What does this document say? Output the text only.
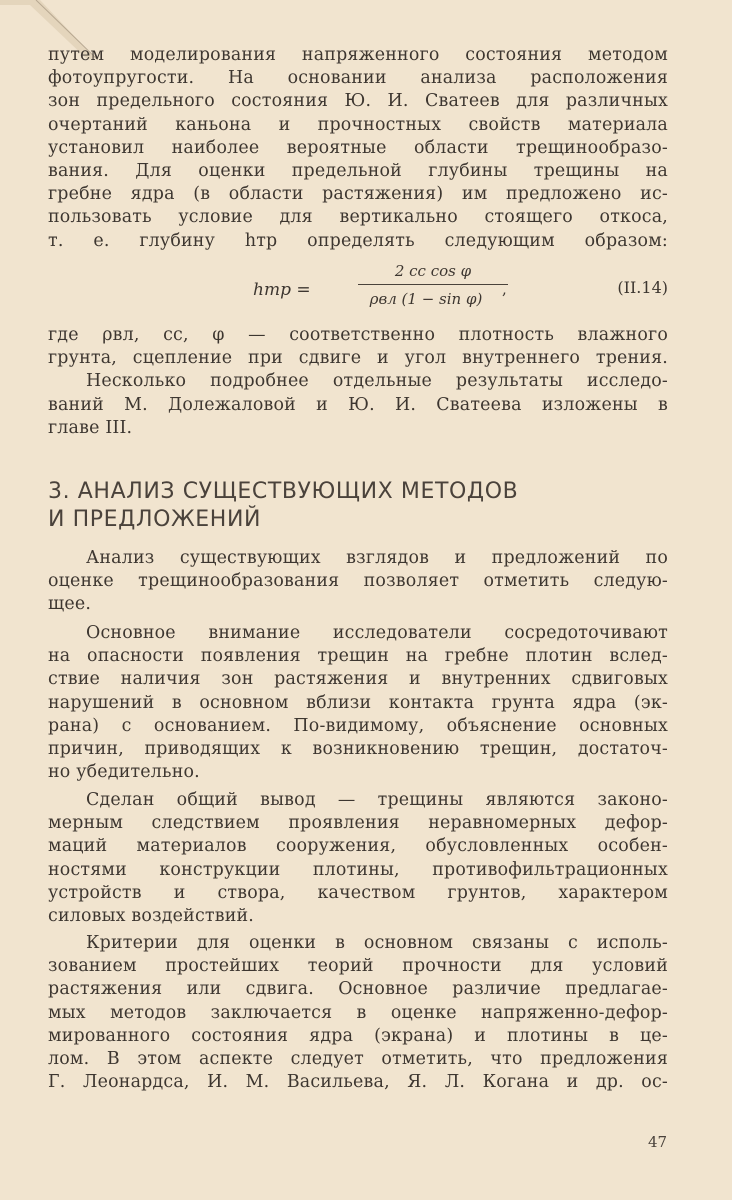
путем моделирования напряженного состояния методом
фотоупругости. На основании анализа расположения
зон предельного состояния Ю. И. Сватеев для различных
очертаний каньона и прочностных свойств материала
установил наиболее вероятные области трещинообразо-
вания. Для оценки предельной глубины трещины на
гребне ядра (в области растяжения) им предложено ис-
пользовать условие для вертикально стоящего откоса,
т. е. глубину hтр определять следующим образом:
hтр =
2 cс cos φ
ρвл (1 − sin φ)
,	(II.14)
где ρвл, cс, φ — соответственно плотность влажного
грунта, сцепление при сдвиге и угол внутреннего трения.
Несколько подробнее отдельные результаты исследо-
ваний М. Долежаловой и Ю. И. Сватеева изложены в
главе III.
3. АНАЛИЗ СУЩЕСТВУЮЩИХ МЕТОДОВ
И ПРЕДЛОЖЕНИЙ
Анализ существующих взглядов и предложений по
оценке трещинообразования позволяет отметить следую-
щее.
Основное внимание исследователи сосредоточивают
на опасности появления трещин на гребне плотин вслед-
ствие наличия зон растяжения и внутренних сдвиговых
нарушений в основном вблизи контакта грунта ядра (эк-
рана) с основанием. По-видимому, объяснение основных
причин, приводящих к возникновению трещин, достаточ-
но убедительно.
Сделан общий вывод — трещины являются законо-
мерным следствием проявления неравномерных дефор-
маций материалов сооружения, обусловленных особен-
ностями конструкции плотины, противофильтрационных
устройств и створа, качеством грунтов, характером
силовых воздействий.
Критерии для оценки в основном связаны с исполь-
зованием простейших теорий прочности для условий
растяжения или сдвига. Основное различие предлагае-
мых методов заключается в оценке напряженно-дефор-
мированного состояния ядра (экрана) и плотины в це-
лом. В этом аспекте следует отметить, что предложения
Г. Леонардса, И. М. Васильева, Я. Л. Когана и др. ос-
47
